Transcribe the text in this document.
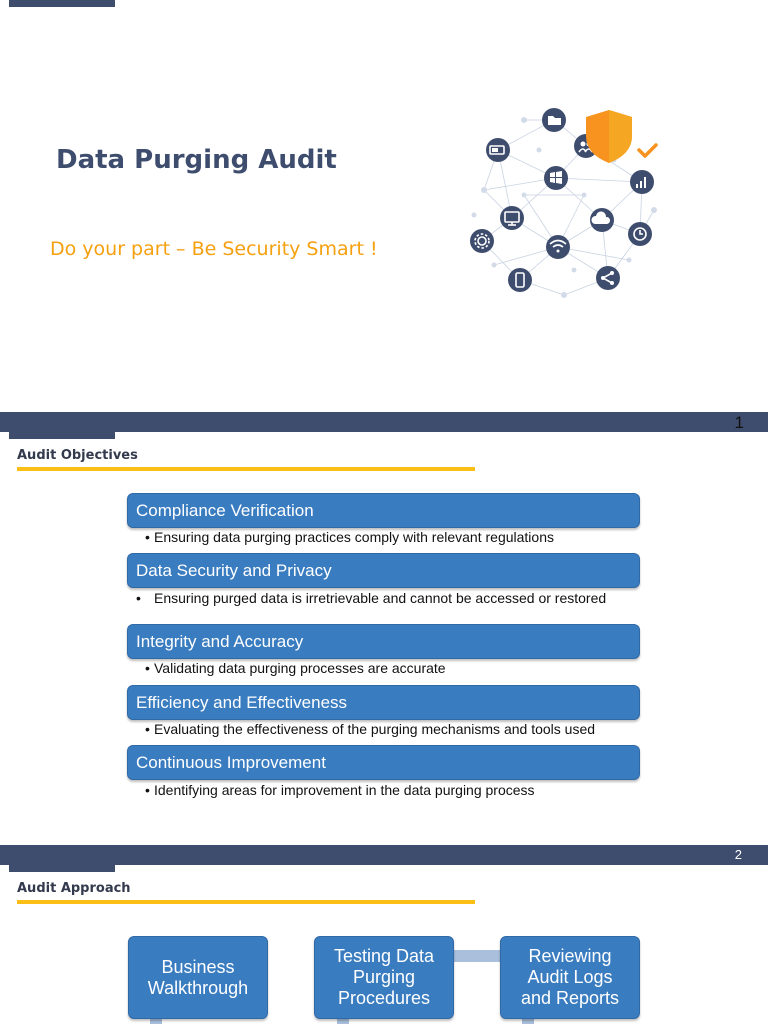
Data Purging Audit
Do your part – Be Security Smart !
1
Audit Objectives
Compliance Verification
• Ensuring data purging practices comply with relevant regulations
Data Security and Privacy
• Ensuring purged data is irretrievable and cannot be accessed or restored
Integrity and Accuracy
• Validating data purging processes are accurate
Efficiency and Effectiveness
• Evaluating the effectiveness of the purging mechanisms and tools used
Continuous Improvement
• Identifying areas for improvement in the data purging process
2
Audit Approach
Business
Walkthrough
Testing Data
Purging
Procedures
Reviewing
Audit Logs
and Reports
